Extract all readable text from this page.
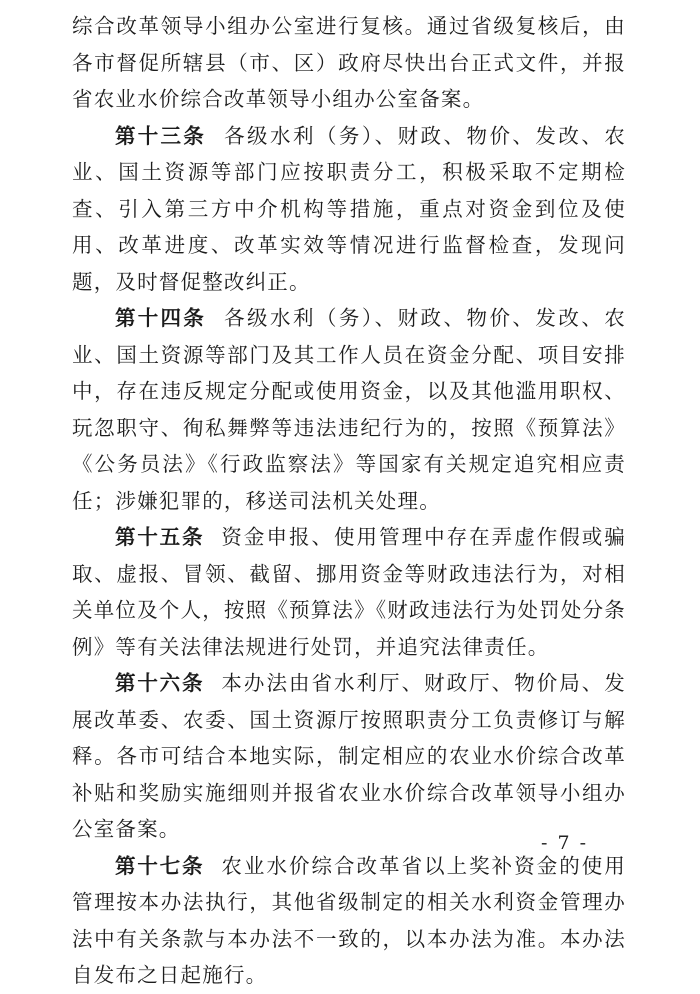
综合改革领导小组办公室进行复核。通过省级复核后，由各市督促所辖县（市、区）政府尽快出台正式文件，并报省农业水价综合改革领导小组办公室备案。

第十三条 各级水利（务）、财政、物价、发改、农业、国土资源等部门应按职责分工，积极采取不定期检查、引入第三方中介机构等措施，重点对资金到位及使用、改革进度、改革实效等情况进行监督检查，发现问题，及时督促整改纠正。

第十四条 各级水利（务）、财政、物价、发改、农业、国土资源等部门及其工作人员在资金分配、项目安排中，存在违反规定分配或使用资金，以及其他滥用职权、玩忽职守、徇私舞弊等违法违纪行为的，按照《预算法》《公务员法》《行政监察法》等国家有关规定追究相应责任；涉嫌犯罪的，移送司法机关处理。

第十五条 资金申报、使用管理中存在弄虚作假或骗取、虚报、冒领、截留、挪用资金等财政违法行为，对相关单位及个人，按照《预算法》《财政违法行为处罚处分条例》等有关法律法规进行处罚，并追究法律责任。

第十六条 本办法由省水利厅、财政厅、物价局、发展改革委、农委、国土资源厅按照职责分工负责修订与解释。各市可结合本地实际，制定相应的农业水价综合改革补贴和奖励实施细则并报省农业水价综合改革领导小组办公室备案。

第十七条 农业水价综合改革省以上奖补资金的使用管理按本办法执行，其他省级制定的相关水利资金管理办法中有关条款与本办法不一致的，以本办法为准。本办法自发布之日起施行。

- 7 -
